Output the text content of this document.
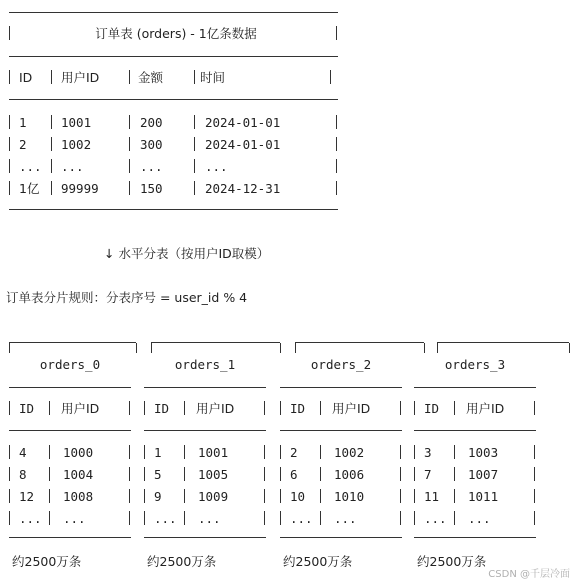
订单表 (orders) - 1亿条数据
ID 用户ID	金额	时间
1	1001	200	2024-01-01
2	1002	300	2024-01-01
... ...	...	...
1亿 99999	150	2024-12-31
↓ 水平分表（按用户ID取模）
订单表分片规则：分表序号 = user_id % 4
orders_0
ID 用户ID
4	1000
8	1004
12 1008
... ...
约2500万条
orders_1
ID 用户ID
1	1001
5	1005
9	1009
... ...
约2500万条
orders_2
ID 用户ID
2	1002
6	1006
10 1010
... ...
约2500万条
orders_3
ID 用户ID
3	1003
7	1007
11 1011
... ...
约2500万条
CSDN @千层冷面
